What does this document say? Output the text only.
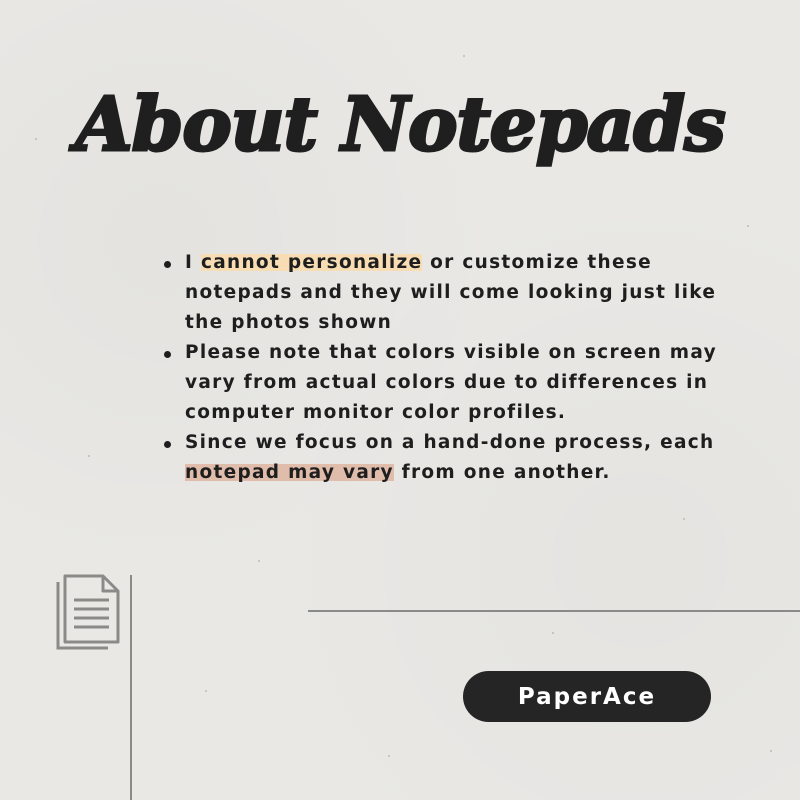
About Notepads
I cannot personalize or customize these notepads and they will come looking just like the photos shown
Please note that colors visible on screen may vary from actual colors due to differences in computer monitor color profiles.
Since we focus on a hand-done process, each notepad may vary from one another.
PaperAce
